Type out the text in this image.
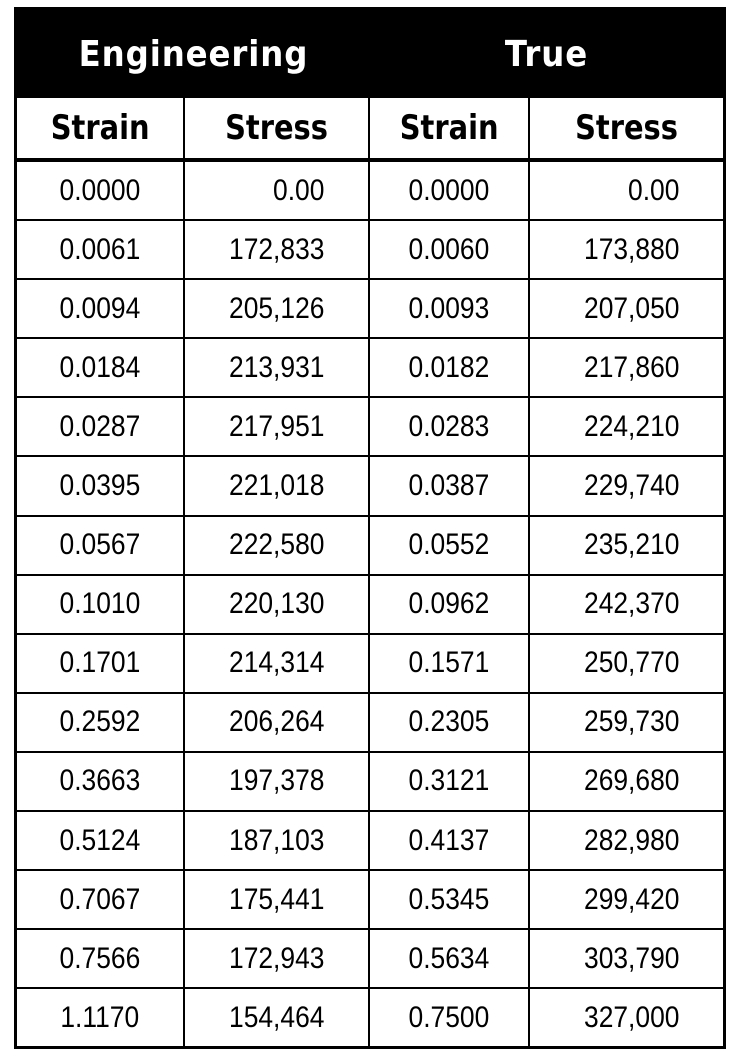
Engineering	True
Strain	Stress	Strain	Stress
0.0000	0.00	0.0000	0.00
0.0061	172,833	0.0060	173,880
0.0094	205,126	0.0093	207,050
0.0184	213,931	0.0182	217,860
0.0287	217,951	0.0283	224,210
0.0395	221,018	0.0387	229,740
0.0567	222,580	0.0552	235,210
0.1010	220,130	0.0962	242,370
0.1701	214,314	0.1571	250,770
0.2592	206,264	0.2305	259,730
0.3663	197,378	0.3121	269,680
0.5124	187,103	0.4137	282,980
0.7067	175,441	0.5345	299,420
0.7566	172,943	0.5634	303,790
1.1170	154,464	0.7500	327,000
